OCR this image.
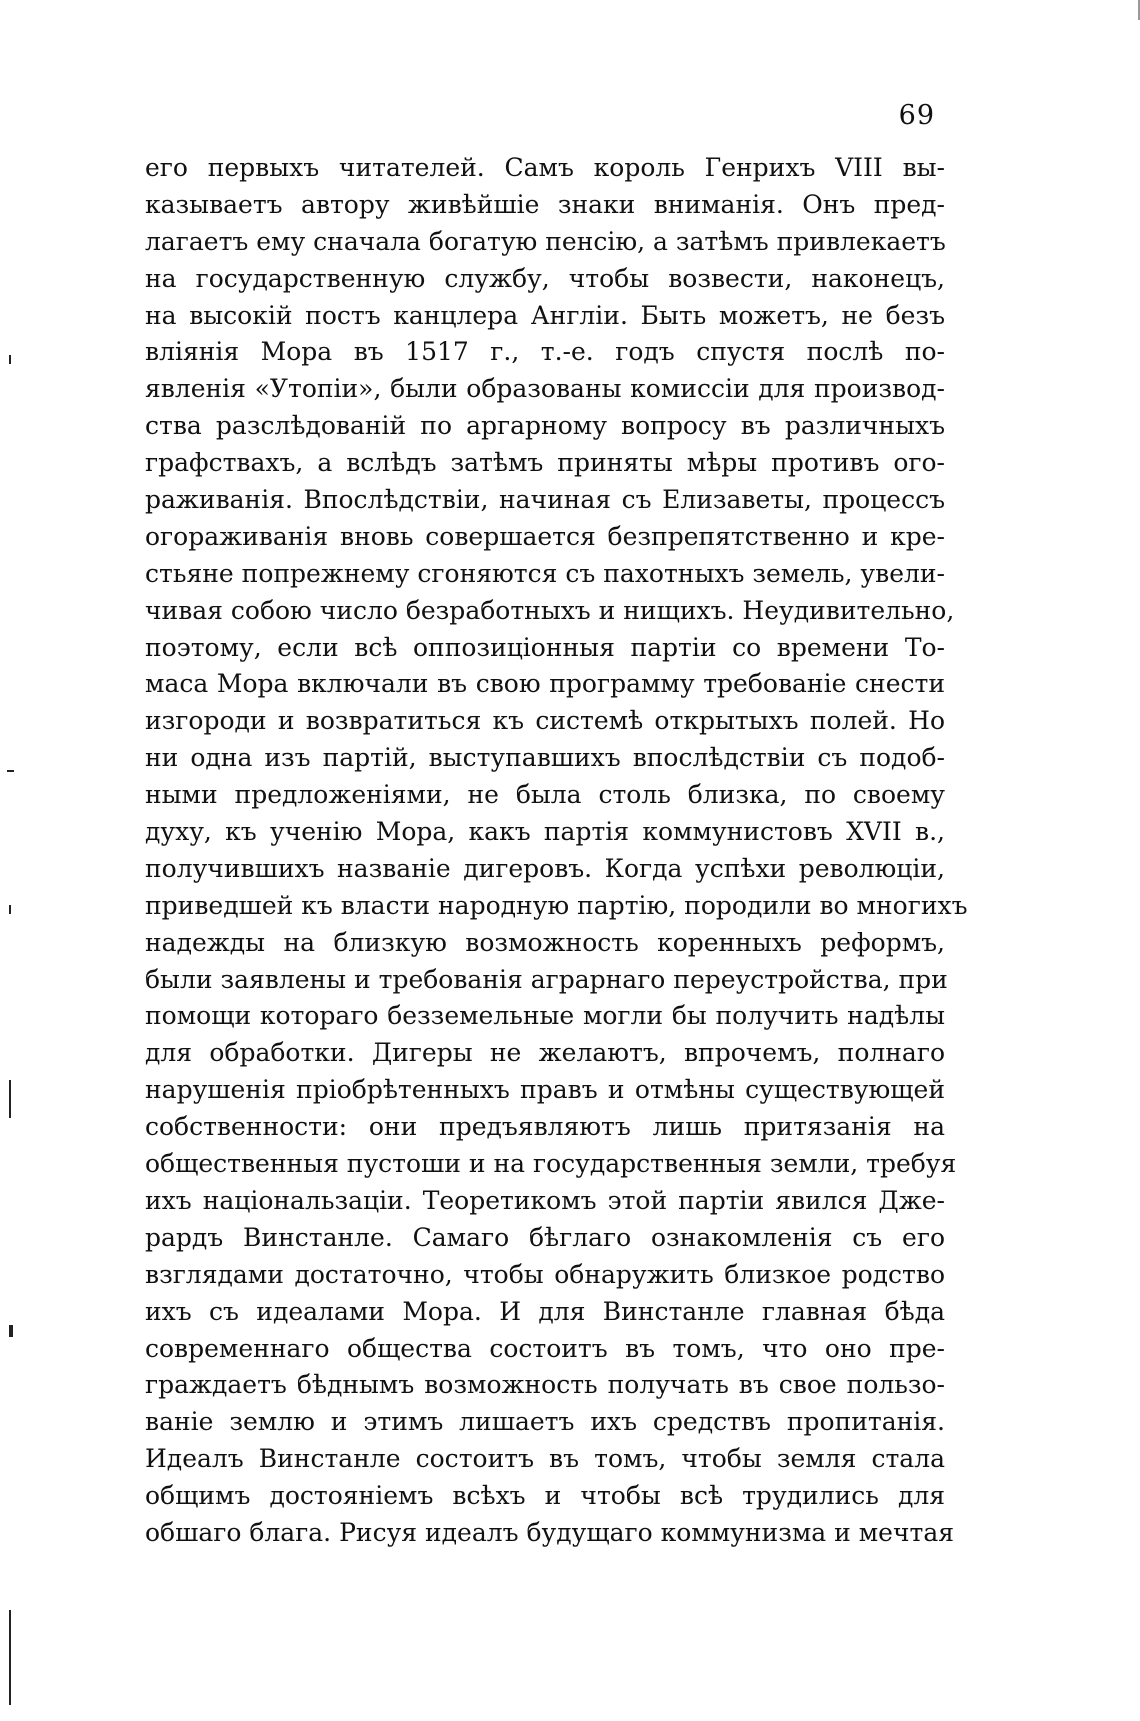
69
его первыхъ читателей. Самъ король Генрихъ VIII вы-
казываетъ автору живѣйшіе знаки вниманія. Онъ пред-
лагаетъ ему сначала богатую пенсію, а затѣмъ привлекаетъ
на государственную службу, чтобы возвести, наконецъ,
на высокій постъ канцлера Англіи. Быть можетъ, не безъ
вліянія Мора въ 1517 г., т.-е. годъ спустя послѣ по-
явленія «Утопіи», были образованы комиссіи для производ-
ства разслѣдованій по аргарному вопросу въ различныхъ
графствахъ, а вслѣдъ затѣмъ приняты мѣры противъ ого-
раживанія. Впослѣдствіи, начиная съ Елизаветы, процессъ
огораживанія вновь совершается безпрепятственно и кре-
стьяне попрежнему сгоняются съ пахотныхъ земель, увели-
чивая собою число безработныхъ и нищихъ. Неудивительно,
поэтому, если всѣ оппозиціонныя партіи со времени То-
маса Мора включали въ свою программу требованіе снести
изгороди и возвратиться къ системѣ открытыхъ полей. Но
ни одна изъ партій, выступавшихъ впослѣдствіи съ подоб-
ными предложеніями, не была столь близка, по своему
духу, къ ученію Мора, какъ партія коммунистовъ XVII в.,
получившихъ названіе дигеровъ. Когда успѣхи революціи,
приведшей къ власти народную партію, породили во многихъ
надежды на близкую возможность коренныхъ реформъ,
были заявлены и требованія аграрнаго переустройства, при
помощи котораго безземельные могли бы получить надѣлы
для обработки. Дигеры не желаютъ, впрочемъ, полнаго
нарушенія пріобрѣтенныхъ правъ и отмѣны существующей
собственности: они предъявляютъ лишь притязанія на
общественныя пустоши и на государственныя земли, требуя
ихъ національзаціи. Теоретикомъ этой партіи явился Дже-
рардъ Винстанле. Самаго бѣглаго ознакомленія съ его
взглядами достаточно, чтобы обнаружить близкое родство
ихъ съ идеалами Мора. И для Винстанле главная бѣда
современнаго общества состоитъ въ томъ, что оно пре-
граждаетъ бѣднымъ возможность получать въ свое пользо-
ваніе землю и этимъ лишаетъ ихъ средствъ пропитанія.
Идеалъ Винстанле состоитъ въ томъ, чтобы земля стала
общимъ достояніемъ всѣхъ и чтобы всѣ трудились для
обшаго блага. Рисуя идеалъ будущаго коммунизма и мечтая
